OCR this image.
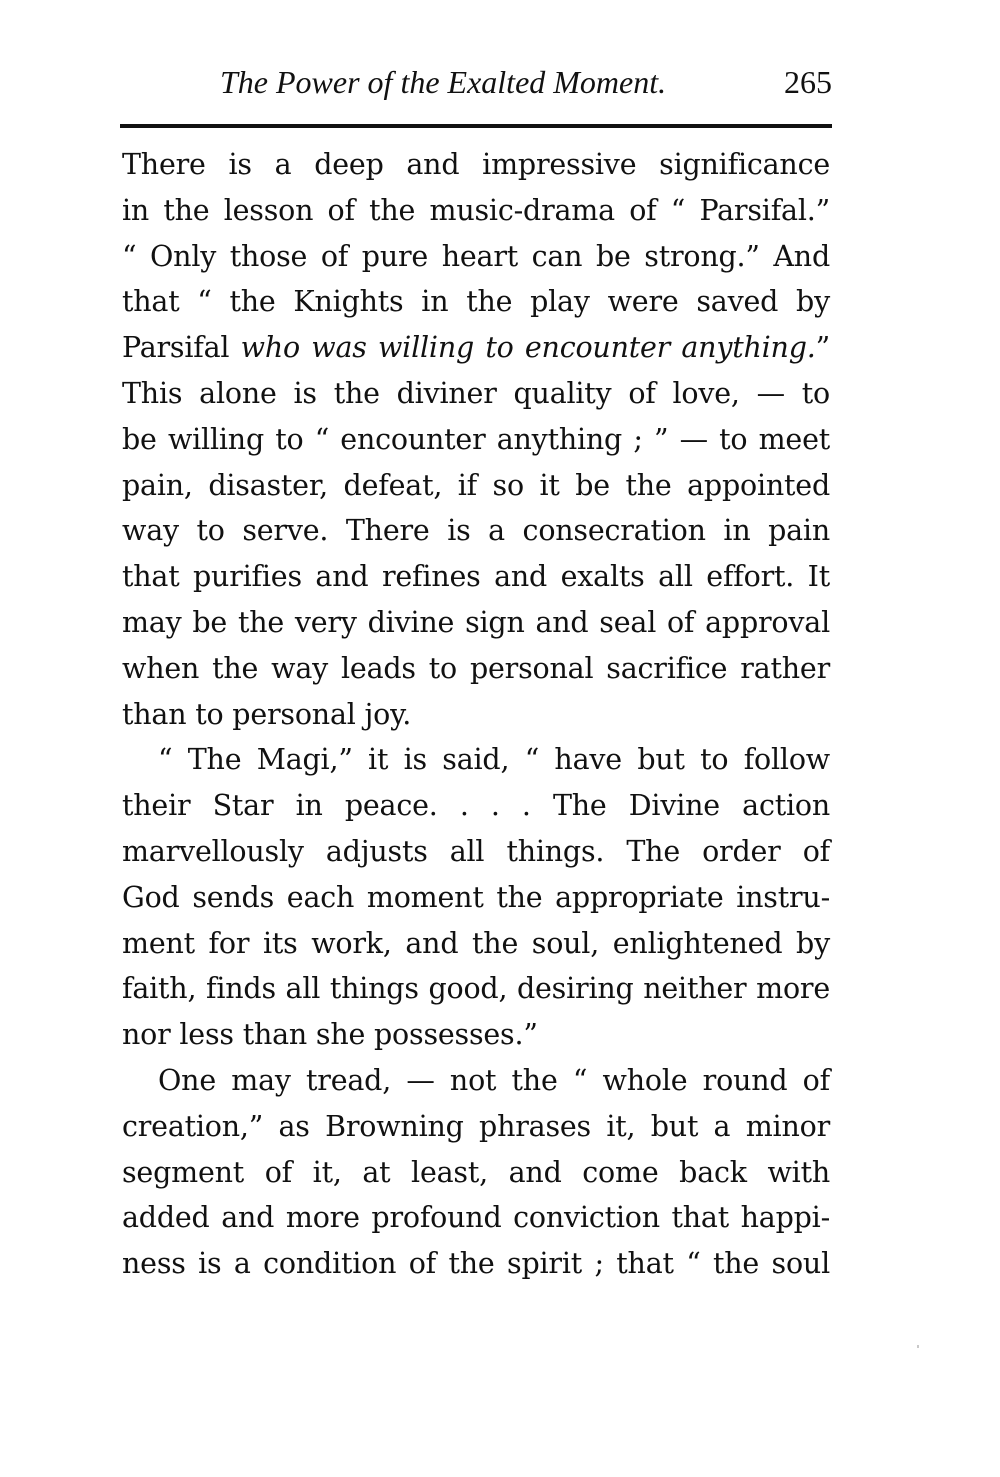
The Power of the Exalted Moment.	265
There is a deep and impressive significance
in the lesson of the music-drama of “ Parsifal.”
“ Only those of pure heart can be strong.” And
that “ the Knights in the play were saved by
Parsifal who was willing to encounter anything.”
This alone is the diviner quality of love, — to
be willing to “ encounter anything ; ” — to meet
pain, disaster, defeat, if so it be the appointed
way to serve. There is a consecration in pain
that purifies and refines and exalts all effort. It
may be the very divine sign and seal of approval
when the way leads to personal sacrifice rather
than to personal joy.
“ The Magi,” it is said, “ have but to follow
their Star in peace. . . . The Divine action
marvellously adjusts all things. The order of
God sends each moment the appropriate instru-
ment for its work, and the soul, enlightened by
faith, finds all things good, desiring neither more
nor less than she possesses.”
One may tread, — not the “ whole round of
creation,” as Browning phrases it, but a minor
segment of it, at least, and come back with
added and more profound conviction that happi-
ness is a condition of the spirit ; that “ the soul
